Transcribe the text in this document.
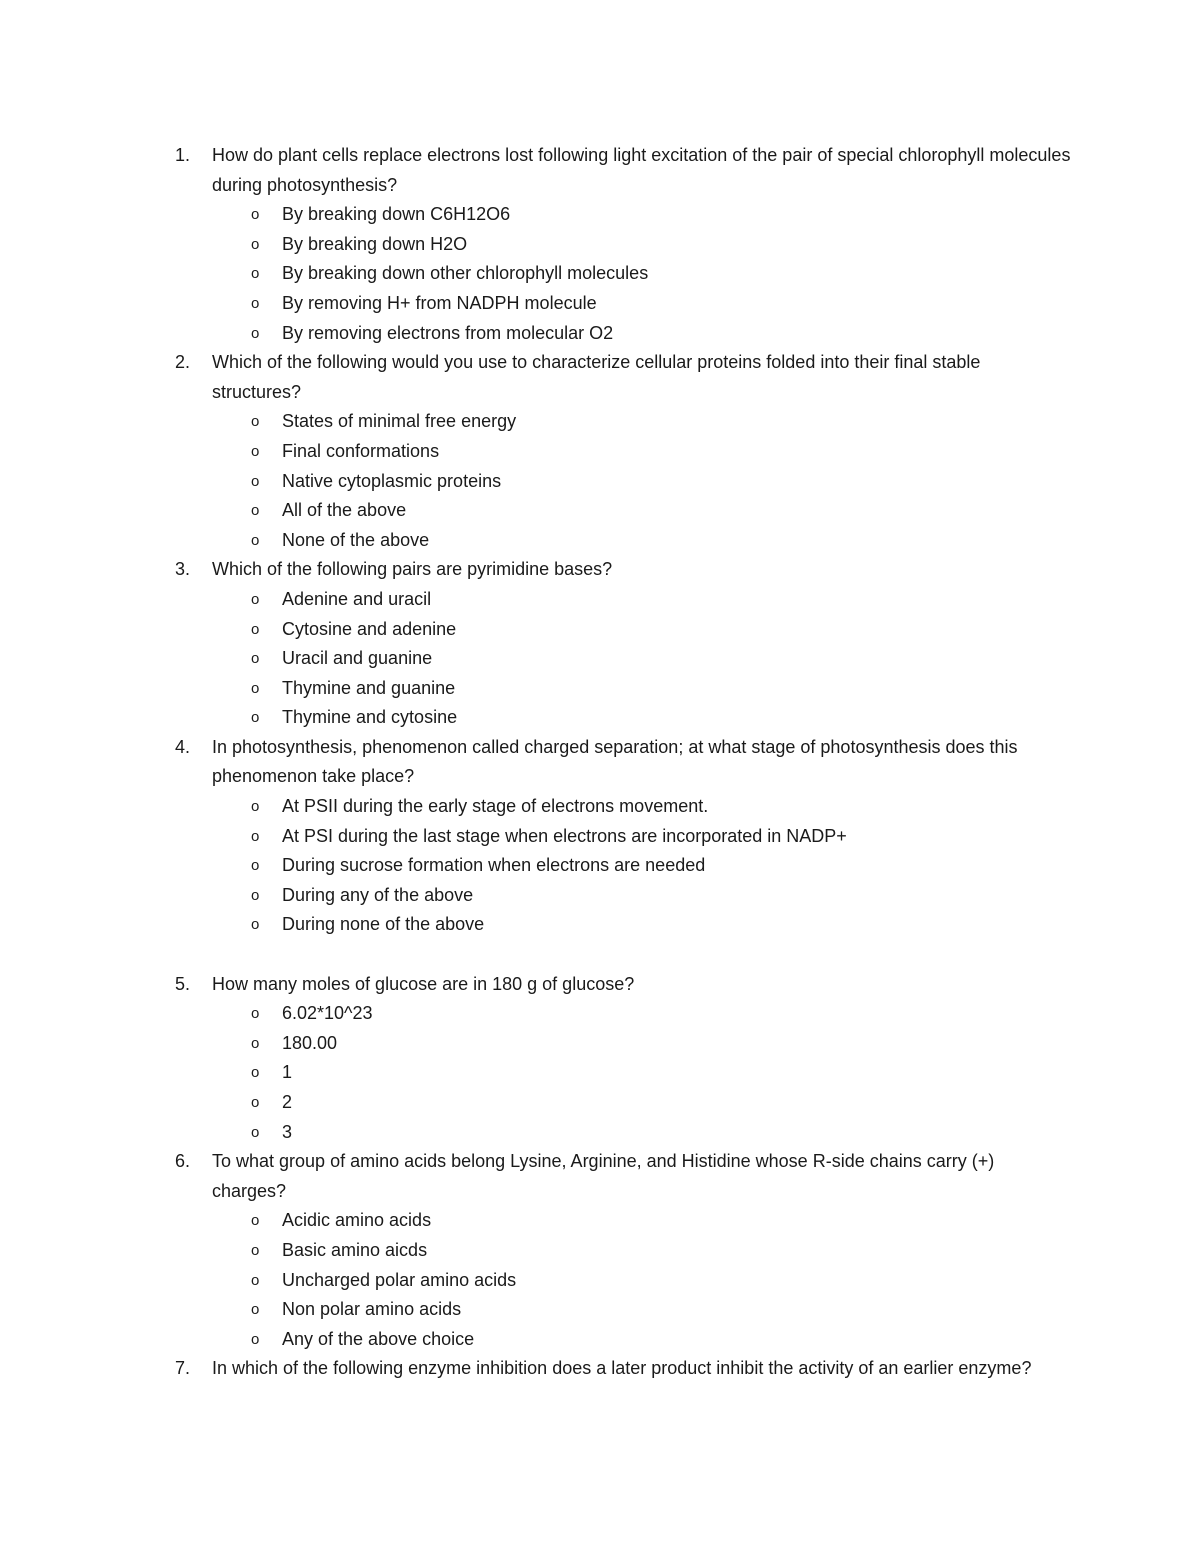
1.	How do plant cells replace electrons lost following light excitation of the pair of special chlorophyll molecules during photosynthesis?
o By breaking down C6H12O6
o By breaking down H2O
o By breaking down other chlorophyll molecules
o By removing H+ from NADPH molecule
o By removing electrons from molecular O2
2.	Which of the following would you use to characterize cellular proteins folded into their final stable structures?
o States of minimal free energy
o Final conformations
o Native cytoplasmic proteins
o All of the above
o None of the above
3.	Which of the following pairs are pyrimidine bases?
o Adenine and uracil
o Cytosine and adenine
o Uracil and guanine
o Thymine and guanine
o Thymine and cytosine
4.	In photosynthesis, phenomenon called charged separation; at what stage of photosynthesis does this phenomenon take place?
o At PSII during the early stage of electrons movement.
o At PSI during the last stage when electrons are incorporated in NADP+
o During sucrose formation when electrons are needed
o During any of the above
o During none of the above
5.	How many moles of glucose are in 180 g of glucose?
o 6.02*10^23
o 180.00
o 1
o 2
o 3
6.	To what group of amino acids belong Lysine, Arginine, and Histidine whose R-side chains carry (+) charges?
o Acidic amino acids
o Basic amino aicds
o Uncharged polar amino acids
o Non polar amino acids
o Any of the above choice
7.	In which of the following enzyme inhibition does a later product inhibit the activity of an earlier enzyme?
